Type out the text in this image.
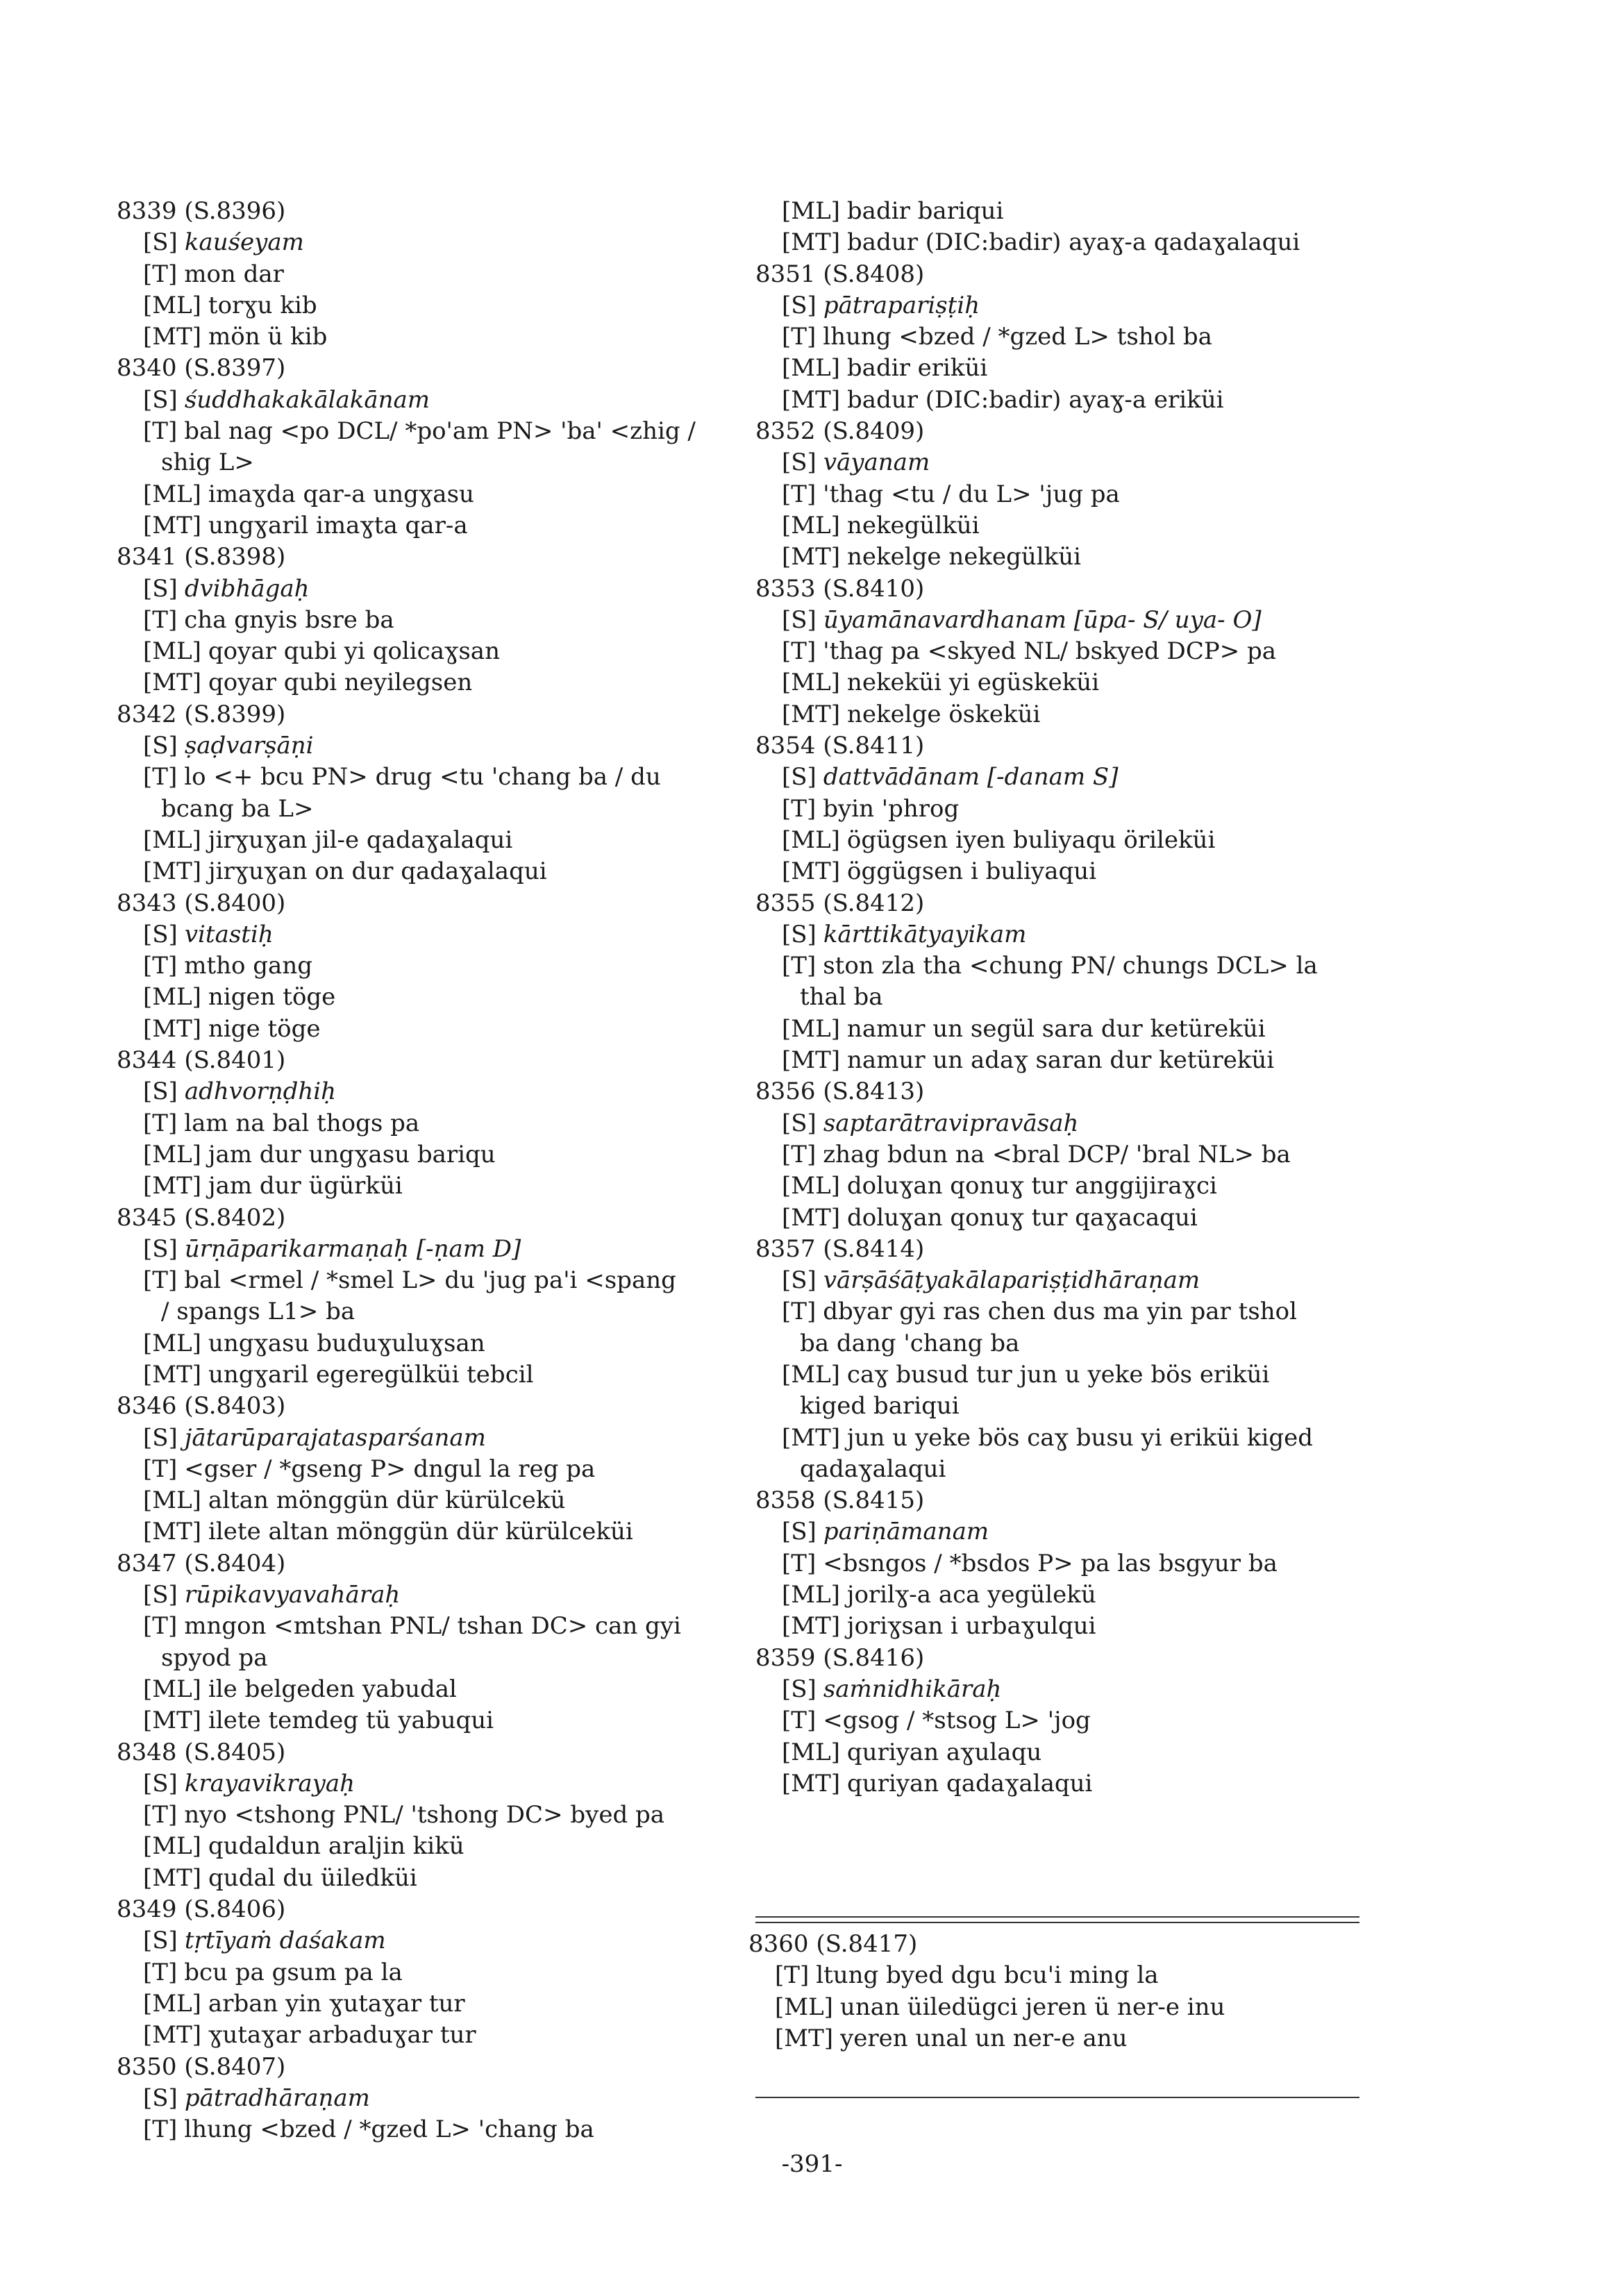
8339 (S.8396)
[S] kauśeyam
[T] mon dar
[ML] torɣu kib
[MT] mön ü kib
8340 (S.8397)
[S] śuddhakakālakānam
[T] bal nag <po DCL/ *po'am PN> 'ba' <zhig /
shig L>
[ML] imaɣda qar-a ungɣasu
[MT] ungɣaril imaɣta qar-a
8341 (S.8398)
[S] dvibhāgaḥ
[T] cha gnyis bsre ba
[ML] qoyar qubi yi qolicaɣsan
[MT] qoyar qubi neyilegsen
8342 (S.8399)
[S] ṣaḍvarṣāṇi
[T] lo <+ bcu PN> drug <tu 'chang ba / du
bcang ba L>
[ML] jirɣuɣan jil-e qadaɣalaqui
[MT] jirɣuɣan on dur qadaɣalaqui
8343 (S.8400)
[S] vitastiḥ
[T] mtho gang
[ML] nigen töge
[MT] nige töge
8344 (S.8401)
[S] adhvorṇḍhiḥ
[T] lam na bal thogs pa
[ML] jam dur ungɣasu bariqu
[MT] jam dur ügürküi
8345 (S.8402)
[S] ūrṇāparikarmaṇaḥ [-ṇam D]
[T] bal <rmel / *smel L> du 'jug pa'i <spang
/ spangs L1> ba
[ML] ungɣasu buduɣuluɣsan
[MT] ungɣaril egeregülküi tebcil
8346 (S.8403)
[S] jātarūparajatasparśanam
[T] <gser / *gseng P> dngul la reg pa
[ML] altan mönggün dür kürülcekü
[MT] ilete altan mönggün dür kürülceküi
8347 (S.8404)
[S] rūpikavyavahāraḥ
[T] mngon <mtshan PNL/ tshan DC> can gyi
spyod pa
[ML] ile belgeden yabudal
[MT] ilete temdeg tü yabuqui
8348 (S.8405)
[S] krayavikrayaḥ
[T] nyo <tshong PNL/ 'tshong DC> byed pa
[ML] qudaldun araljin kikü
[MT] qudal du üiledküi
8349 (S.8406)
[S] tṛtīyaṁ daśakam
[T] bcu pa gsum pa la
[ML] arban yin ɣutaɣar tur
[MT] ɣutaɣar arbaduɣar tur
8350 (S.8407)
[S] pātradhāraṇam
[T] lhung <bzed / *gzed L> 'chang ba
[ML] badir bariqui
[MT] badur (DIC:badir) ayaɣ-a qadaɣalaqui
8351 (S.8408)
[S] pātrapariṣṭiḥ
[T] lhung <bzed / *gzed L> tshol ba
[ML] badir eriküi
[MT] badur (DIC:badir) ayaɣ-a eriküi
8352 (S.8409)
[S] vāyanam
[T] 'thag <tu / du L> 'jug pa
[ML] nekegülküi
[MT] nekelge nekegülküi
8353 (S.8410)
[S] ūyamānavardhanam [ūpa- S/ uya- O]
[T] 'thag pa <skyed NL/ bskyed DCP> pa
[ML] nekeküi yi egüskeküi
[MT] nekelge öskeküi
8354 (S.8411)
[S] dattvādānam [-danam S]
[T] byin 'phrog
[ML] ögügsen iyen buliyaqu örileküi
[MT] öggügsen i buliyaqui
8355 (S.8412)
[S] kārttikātyayikam
[T] ston zla tha <chung PN/ chungs DCL> la
thal ba
[ML] namur un segül sara dur ketüreküi
[MT] namur un adaɣ saran dur ketüreküi
8356 (S.8413)
[S] saptarātravipravāsaḥ
[T] zhag bdun na <bral DCP/ 'bral NL> ba
[ML] doluɣan qonuɣ tur anggijiraɣci
[MT] doluɣan qonuɣ tur qaɣacaqui
8357 (S.8414)
[S] vārṣāśāṭyakālapariṣṭidhāraṇam
[T] dbyar gyi ras chen dus ma yin par tshol
ba dang 'chang ba
[ML] caɣ busud tur jun u yeke bös eriküi
kiged bariqui
[MT] jun u yeke bös caɣ busu yi eriküi kiged
qadaɣalaqui
8358 (S.8415)
[S] pariṇāmanam
[T] <bsngos / *bsdos P> pa las bsgyur ba
[ML] jorilɣ-a aca yegülekü
[MT] joriɣsan i urbaɣulqui
8359 (S.8416)
[S] saṁnidhikāraḥ
[T] <gsog / *stsog L> 'jog
[ML] quriyan aɣulaqu
[MT] quriyan qadaɣalaqui
8360 (S.8417)
[T] ltung byed dgu bcu'i ming la
[ML] unan üiledügci jeren ü ner-e inu
[MT] yeren unal un ner-e anu
-391-
